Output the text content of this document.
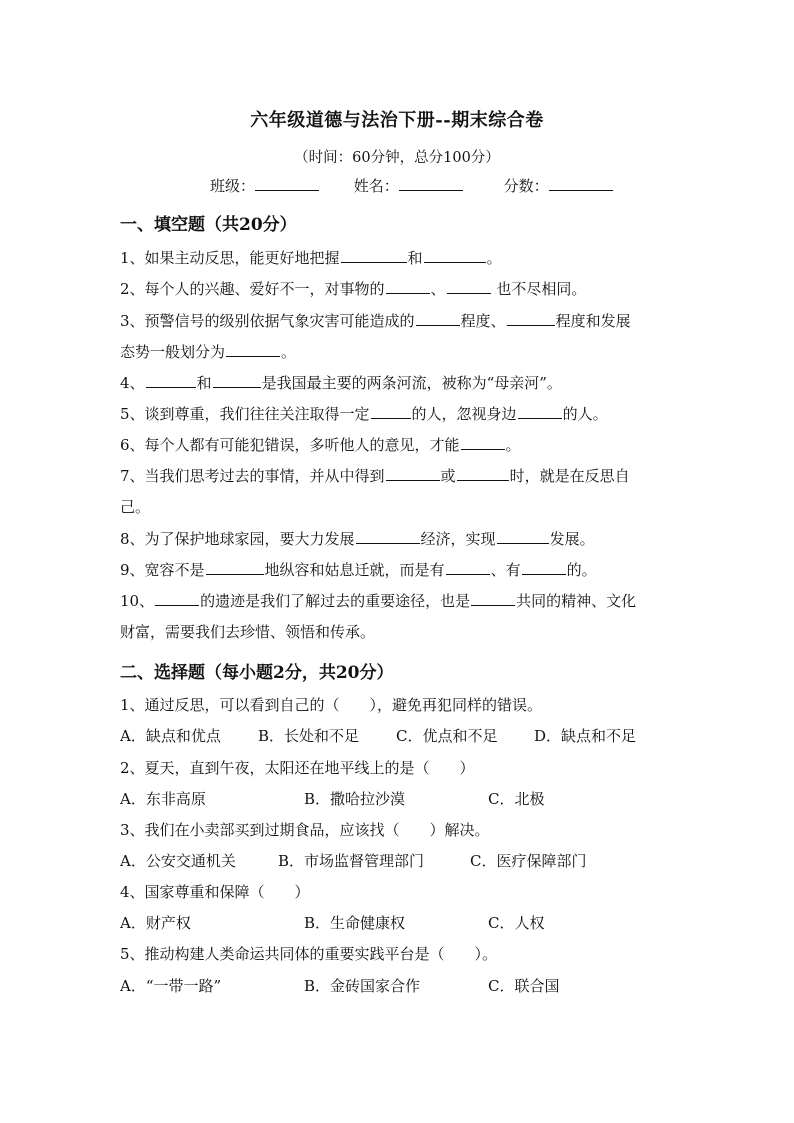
六年级道德与法治下册--期末综合卷
（时间：60分钟，总分100分）
班级：	姓名：	分数：
一、填空题（共20分）
1、如果主动反思，能更好地把握	和	。
2、每个人的兴趣、爱好不一，对事物的	、	也不尽相同。
3、预警信号的级别依据气象灾害可能造成的	程度、	程度和发展
态势一般划分为	。
4、	和	是我国最主要的两条河流，被称为“母亲河”。
5、谈到尊重，我们往往关注取得一定	的人，忽视身边	的人。
6、每个人都有可能犯错误，多听他人的意见，才能	。
7、当我们思考过去的事情，并从中得到	或	时，就是在反思自
己。
8、为了保护地球家园，要大力发展	经济，实现	发展。
9、宽容不是	地纵容和姑息迁就，而是有	、有	的。
10、	的遗迹是我们了解过去的重要途径，也是	共同的精神、文化
财富，需要我们去珍惜、领悟和传承。
二、选择题（每小题2分，共20分）
1、通过反思，可以看到自己的（　　），避免再犯同样的错误。
A．缺点和优点 B．长处和不足 C．优点和不足 D．缺点和不足
2、夏天，直到午夜，太阳还在地平线上的是（　　）
A．东非高原	B．撒哈拉沙漠	C．北极
3、我们在小卖部买到过期食品，应该找（　　）解决。
A．公安交通机关	B．市场监督管理部门	C．医疗保障部门
4、国家尊重和保障（　　）
A．财产权	B．生命健康权	C．人权
5、推动构建人类命运共同体的重要实践平台是（　　）。
A．“一带一路”	B．金砖国家合作	C．联合国
